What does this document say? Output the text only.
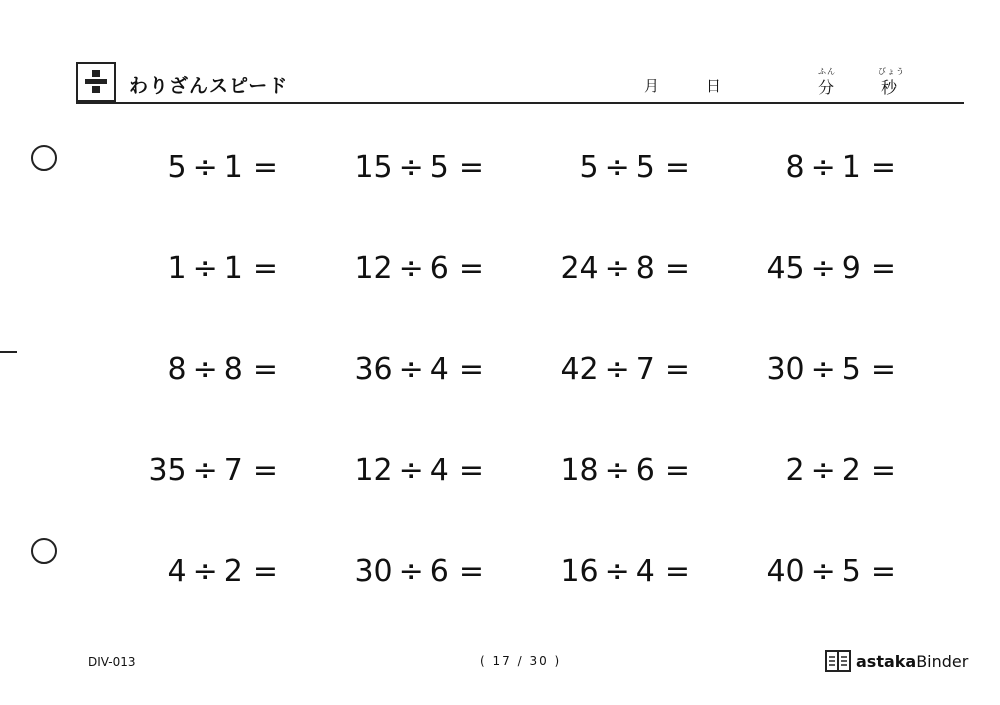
わりざんスピード	月	日
ふん
分
びょう
秒
5 ÷ 1 =	15 ÷ 5 =	5 ÷ 5 =	8 ÷ 1 =
1 ÷ 1 =	12 ÷ 6 =	24 ÷ 8 =	45 ÷ 9 =
8 ÷ 8 =	36 ÷ 4 =	42 ÷ 7 =	30 ÷ 5 =
35 ÷ 7 =	12 ÷ 4 =	18 ÷ 6 =	2 ÷ 2 =
4 ÷ 2 =	30 ÷ 6 =	16 ÷ 4 =	40 ÷ 5 =
DIV-013	( 17 / 30 )	astakaBinder
